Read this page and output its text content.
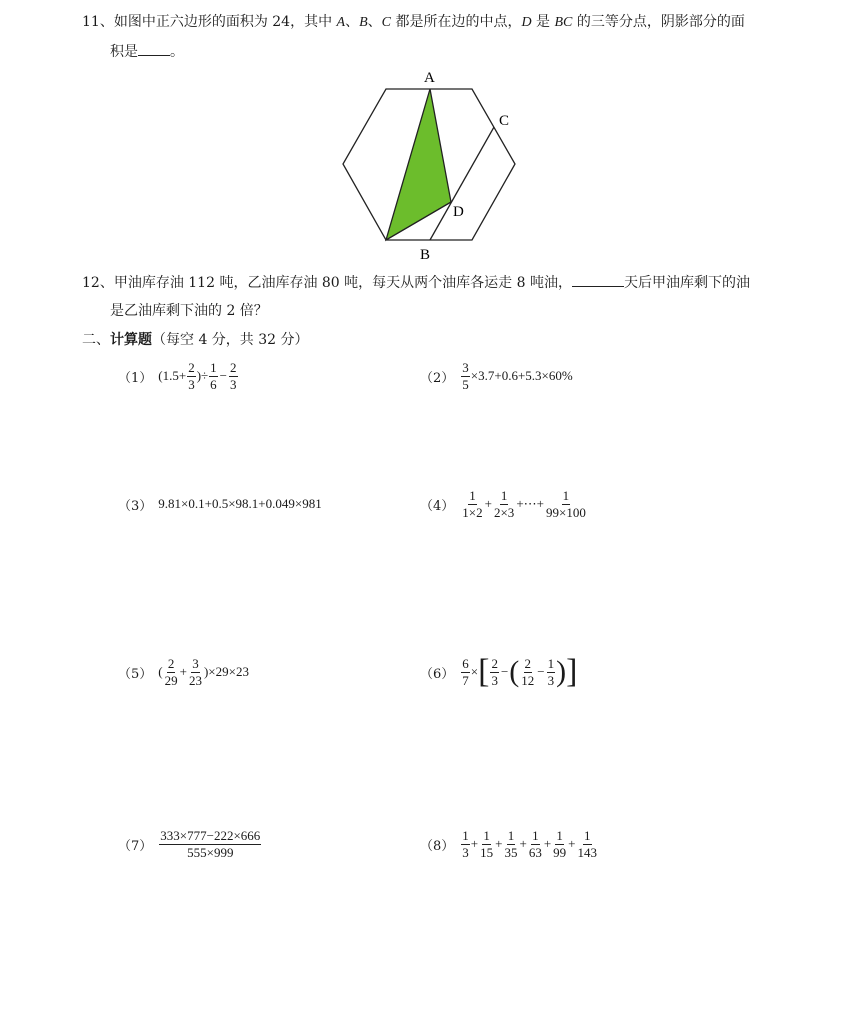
11、如图中正六边形的面积为 24，其中 A、B、C 都是所在边的中点，D 是 BC 的三等分点，阴影部分的面
积是 。
A
C
D
B
12、甲油库存油 112 吨，乙油库存油 80 吨，每天从两个油库各运走 8 吨油，	天后甲油库剩下的油
是乙油库剩下油的 2 倍？
二、计算题（每空 4 分，共 32 分）
（1） ($1.5+ \frac{2}{3}$ )÷ $\frac{1}{6} - \frac{2}{3}$	$(2) \frac{3}{5} \times 3.7+0.6+5.3\times 60\%$
（3） 9.81×0.1+0.5×98.1+0.049×981	$(4) \frac{1}{1\times 2} + \frac{1}{2\times 3}$ +⋯+ $\frac{1}{99\times 100}$
（5） ( $\frac{2}{29} + \frac{3}{23} )\times 29\times 23$	$(6) \frac{6}{7}$ × [ $\frac{2}{3}$ − ( $\frac{2}{12} - \frac{1}{3}$ ) ]
$(7) \frac{333\times 777-222\times 666}{555\times 999}$	$(8) \frac{1}{3} + \frac{1}{15} + \frac{1}{35} + \frac{1}{63} + \frac{1}{99} + \frac{1}{143}$
